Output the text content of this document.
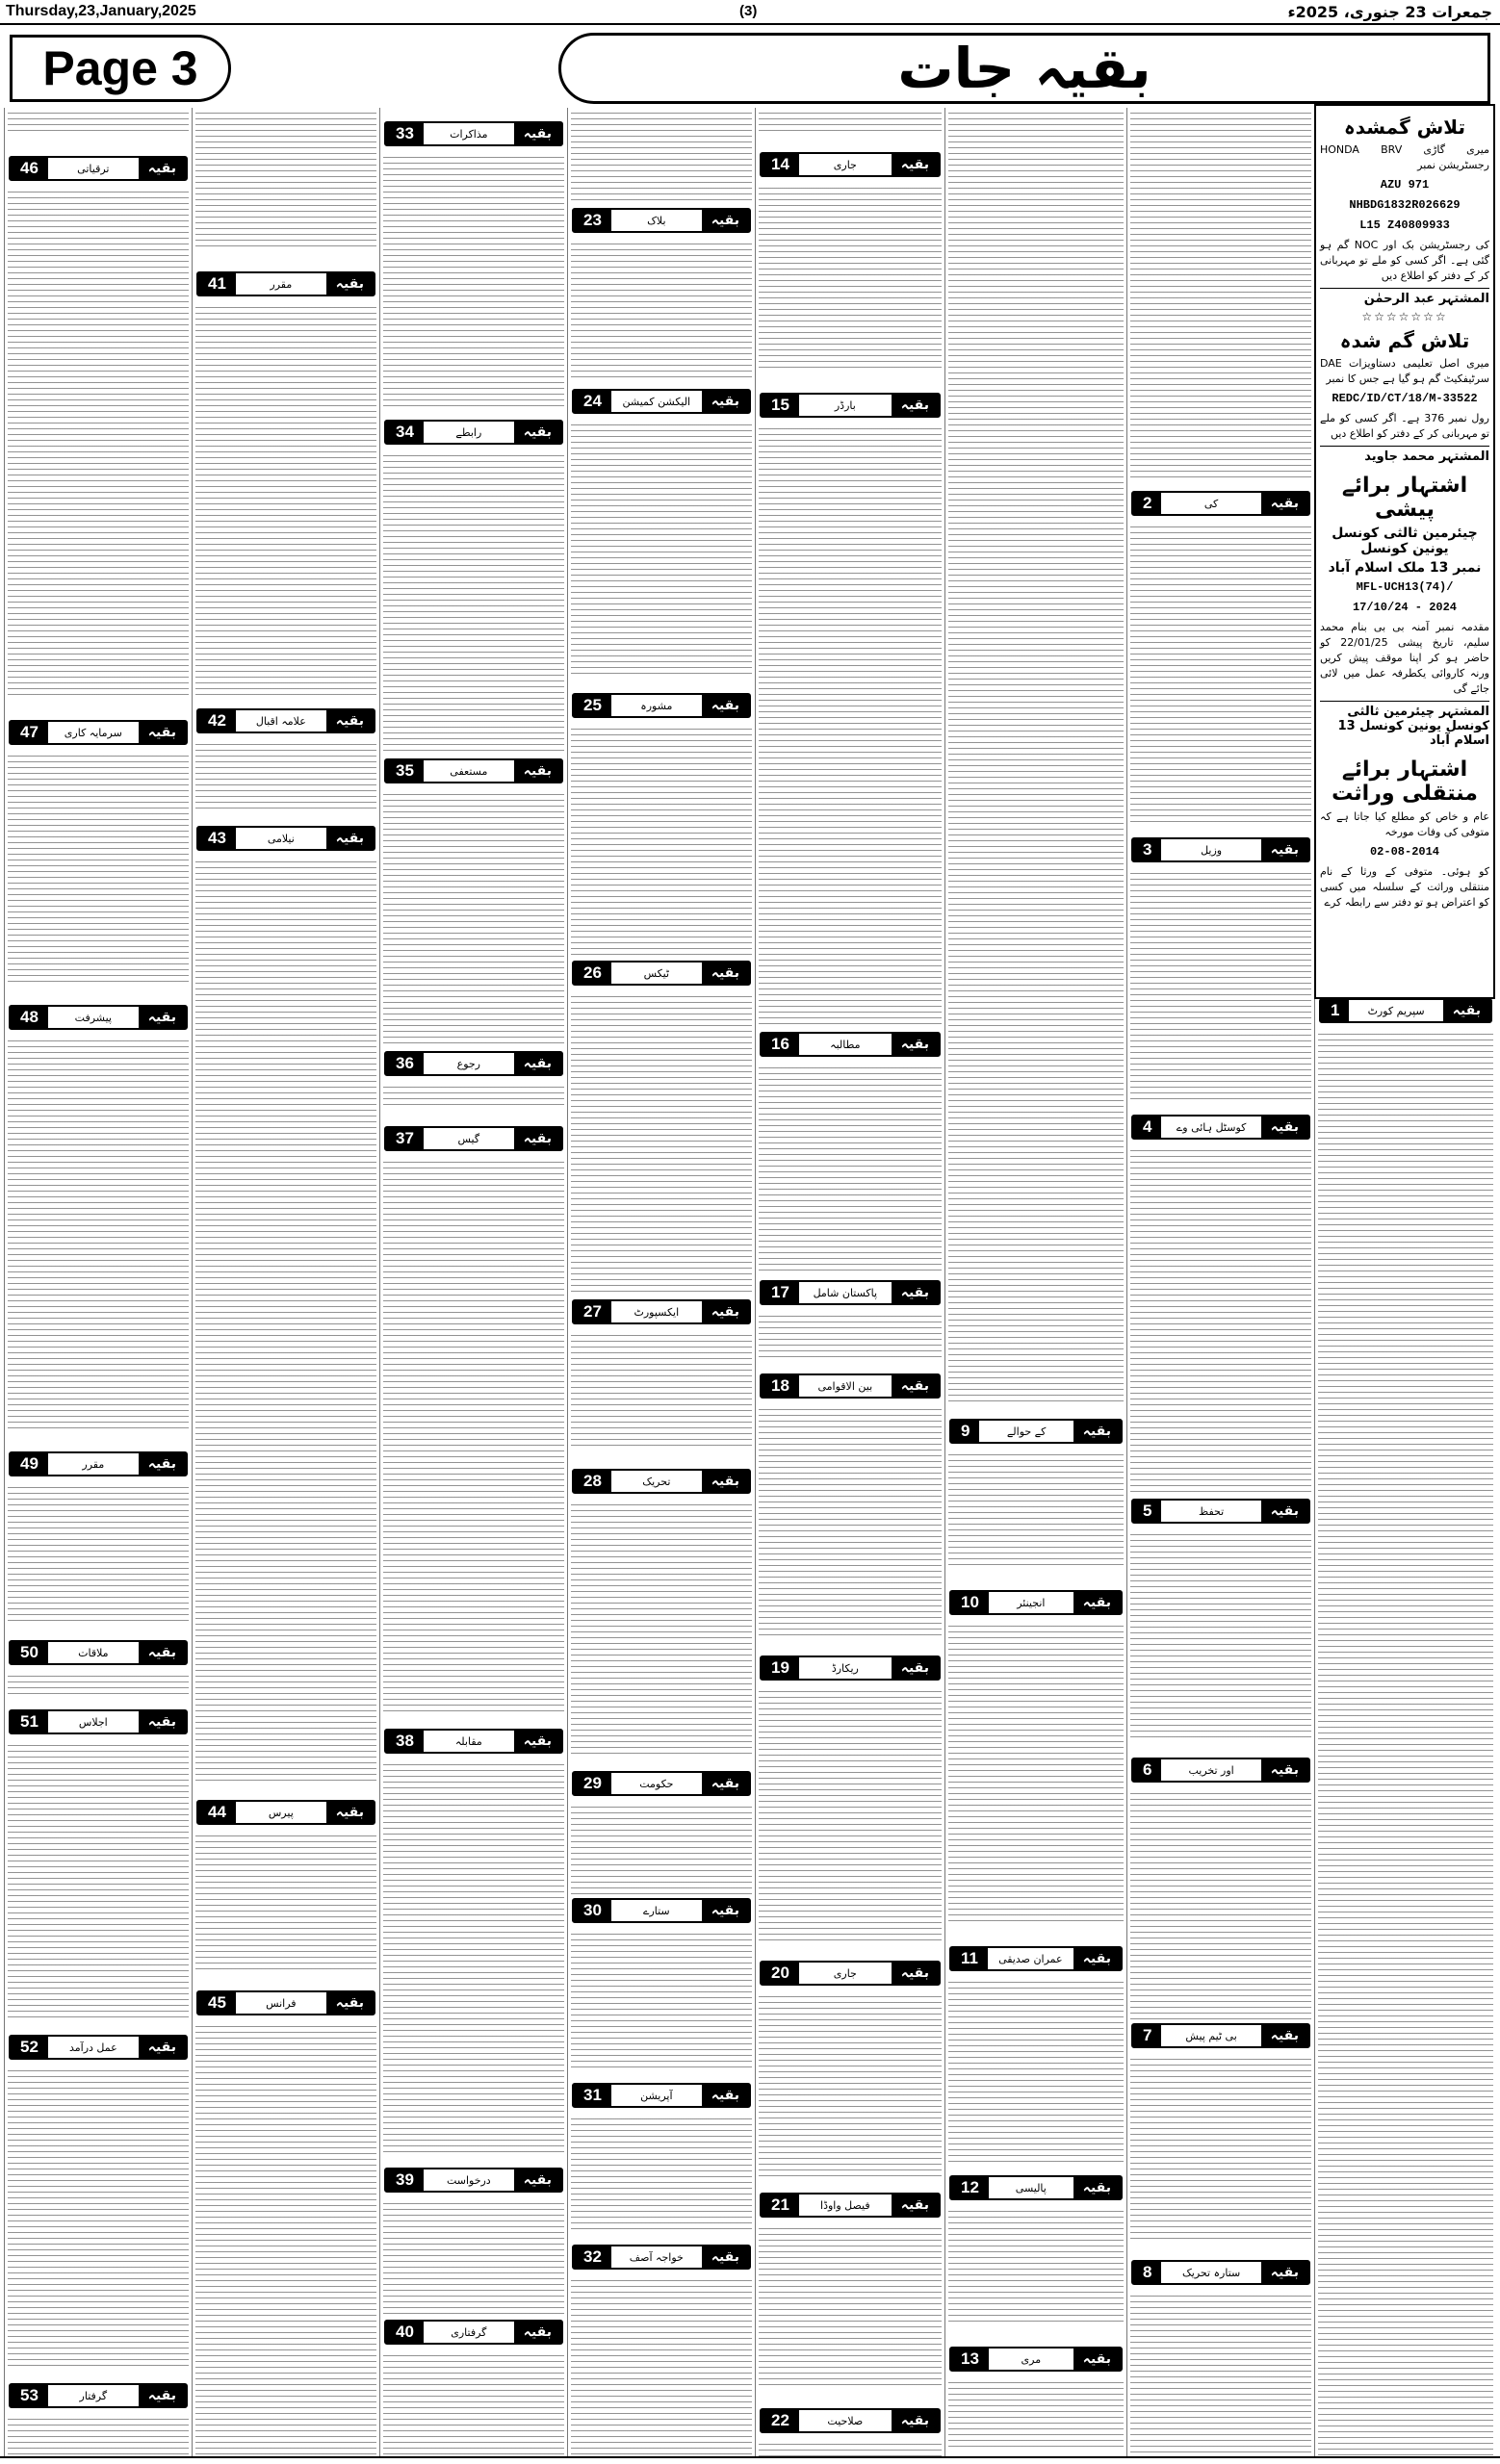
Thursday,23,January,2025	(3)	جمعرات 23 جنوری، 2025ء
Page 3	بقیہ جات
بقیہ
سپریم کورٹ
1
بقیہ
کی
2
بقیہ
وزیل
3
بقیہ
کوسٹل ہائی وے
4
بقیہ
تحفظ
5
بقیہ
اور تخریب
6
بقیہ
بی ٹیم پیش
7
بقیہ
ستارہ تحریک
8
بقیہ
کے حوالے
9
بقیہ
انجینئر
10
بقیہ
عمران صدیقی
11
بقیہ
پالیسی
12
بقیہ
مری
13
بقیہ
جاری
14
بقیہ
بارڈر
15
بقیہ
مطالبہ
16
بقیہ
پاکستان شامل
17
بقیہ
بین الاقوامی
18
بقیہ
ریکارڈ
19
بقیہ
جاری
20
بقیہ
فیصل واوڈا
21
بقیہ
صلاحیت
22
بقیہ
بلاک
23
بقیہ
الیکشن کمیشن
24
بقیہ
مشورہ
25
بقیہ
ٹیکس
26
بقیہ
ایکسپورٹ
27
بقیہ
تحریک
28
بقیہ
حکومت
29
بقیہ
ستارے
30
بقیہ
آپریشن
31
بقیہ
خواجہ آصف
32
بقیہ
مذاکرات
33
بقیہ
رابطے
34
بقیہ
مستعفی
35
بقیہ
رجوع
36
بقیہ
گیس
37
بقیہ
مقابلہ
38
بقیہ
درخواست
39
بقیہ
گرفتاری
40
بقیہ
مقرر
41
بقیہ
علامہ اقبال
42
بقیہ
نیلامی
43
بقیہ
پیرس
44
بقیہ
فرانس
45
بقیہ
ترقیاتی
46
بقیہ
سرمایہ کاری
47
بقیہ
پیشرفت
48
بقیہ
مقرر
49
بقیہ
ملاقات
50
بقیہ
اجلاس
51
بقیہ
عمل درآمد
52
بقیہ
گرفتار
53
تلاش گمشدہ
میری گاڑی HONDA BRV رجسٹریشن نمبر
AZU 971
NHBDG1832R026629
L15 Z40809933
کی رجسٹریشن بک اور NOC گم ہو گئی ہے۔ اگر کسی کو ملے تو مہربانی کر کے دفتر کو اطلاع دیں
المشتہر عبد الرحمٰن
☆☆☆☆☆☆☆
تلاش گم شدہ
میری اصل تعلیمی دستاویزات DAE سرٹیفکیٹ گم ہو گیا ہے جس کا نمبر
REDC/ID/CT/18/M-33522
رول نمبر 376 ہے۔ اگر کسی کو ملے تو مہربانی کر کے دفتر کو اطلاع دیں
المشتہر محمد جاوید
اشتہار برائے پیشی
چیئرمین ثالثی کونسل یونین کونسل
نمبر 13 ملک اسلام آباد
MFL-UCH13(74)/
17/10/24 - 2024
مقدمہ نمبر آمنہ بی بی بنام محمد سلیم، تاریخ پیشی 22/01/25 کو حاضر ہو کر اپنا موقف پیش کریں ورنہ کاروائی یکطرفہ عمل میں لائی جائے گی
المشتہر چیئرمین ثالثی کونسل یونین کونسل 13 اسلام آباد
اشتہار برائے منتقلی وراثت
عام و خاص کو مطلع کیا جاتا ہے کہ متوفی کی وفات مورخہ
02-08-2014
کو ہوئی۔ متوفی کے ورثا کے نام منتقلی وراثت کے سلسلہ میں کسی کو اعتراض ہو تو دفتر سے رابطہ کرے
